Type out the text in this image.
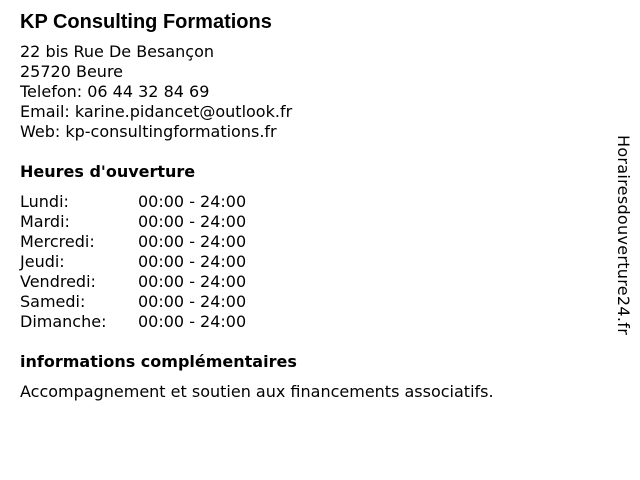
KP Consulting Formations
22 bis Rue De Besançon
25720 Beure
Telefon: 06 44 32 84 69
Email: karine.pidancet@outlook.fr
Web: kp-consultingformations.fr
Heures d'ouverture
Lundi:	00:00 - 24:00
Mardi:	00:00 - 24:00
Mercredi:	00:00 - 24:00
Jeudi:	00:00 - 24:00
Vendredi:	00:00 - 24:00
Samedi:	00:00 - 24:00
Dimanche:	00:00 - 24:00
informations complémentaires
Accompagnement et soutien aux financements associatifs.
Horairesdouverture24.fr
